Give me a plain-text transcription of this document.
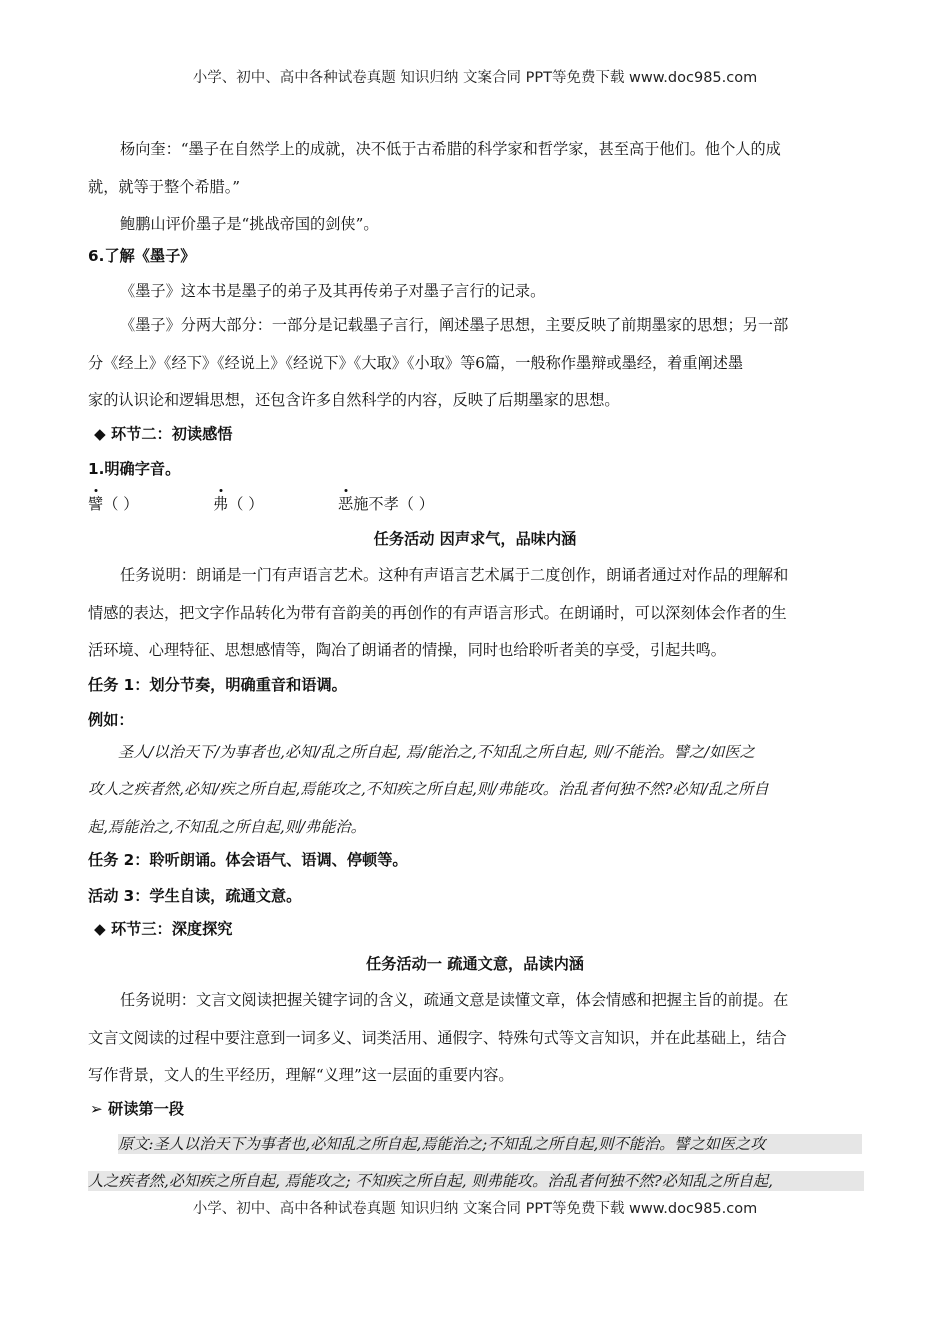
小学、初中、高中各种试卷真题 知识归纳 文案合同 PPT等免费下载 www.doc985.com
杨向奎：“墨子在自然学上的成就，决不低于古希腊的科学家和哲学家，甚至高于他们。他个人的成
就，就等于整个希腊。”
鲍鹏山评价墨子是“挑战帝国的剑侠”。
6.了解《墨子》
《墨子》这本书是墨子的弟子及其再传弟子对墨子言行的记录。
《墨子》分两大部分：一部分是记载墨子言行，阐述墨子思想，主要反映了前期墨家的思想；另一部
分《经上》《经下》《经说上》《经说下》《大取》《小取》等6篇，一般称作墨辩或墨经，着重阐述墨
家的认识论和逻辑思想，还包含许多自然科学的内容，反映了后期墨家的思想。
◆ 环节二：初读感悟
1.明确字音。
譬（ ）	弗（ ）	恶施不孝（ ）
任务活动 因声求气，品味内涵
任务说明：朗诵是一门有声语言艺术。这种有声语言艺术属于二度创作，朗诵者通过对作品的理解和
情感的表达，把文字作品转化为带有音韵美的再创作的有声语言形式。在朗诵时，可以深刻体会作者的生
活环境、心理特征、思想感情等，陶冶了朗诵者的情操，同时也给聆听者美的享受，引起共鸣。
任务 1：划分节奏，明确重音和语调。
例如：
圣人/以治天下/为事者也,必知/乱之所自起, 焉/能治之,不知乱之所自起, 则/不能治。譬之/如医之
攻人之疾者然,必知/疾之所自起,焉能攻之,不知疾之所自起,则/弗能攻。治乱者何独不然?必知/乱之所自
起,焉能治之,不知乱之所自起,则/弗能治。
任务 2：聆听朗诵。体会语气、语调、停顿等。
活动 3：学生自读，疏通文意。
◆ 环节三：深度探究
任务活动一 疏通文意，品读内涵
任务说明：文言文阅读把握关键字词的含义，疏通文意是读懂文章，体会情感和把握主旨的前提。在
文言文阅读的过程中要注意到一词多义、词类活用、通假字、特殊句式等文言知识，并在此基础上，结合
写作背景，文人的生平经历，理解“义理”这一层面的重要内容。
➢ 研读第一段
原文:圣人以治天下为事者也,必知乱之所自起,焉能治之;不知乱之所自起,则不能治。譬之如医之攻
人之疾者然,必知疾之所自起, 焉能攻之; 不知疾之所自起, 则弗能攻。治乱者何独不然?必知乱之所自起,
小学、初中、高中各种试卷真题 知识归纳 文案合同 PPT等免费下载 www.doc985.com
